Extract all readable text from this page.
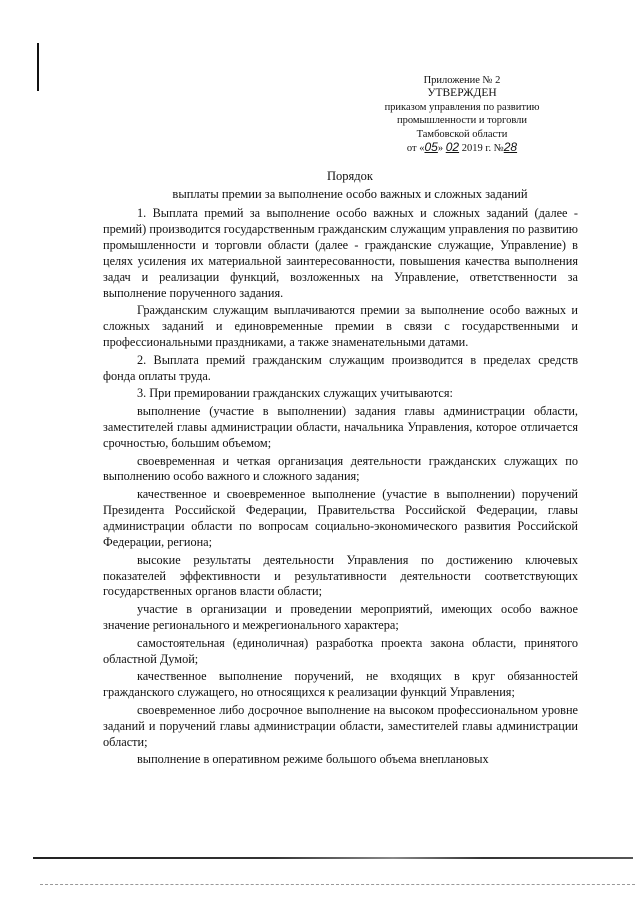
Приложение № 2
УТВЕРЖДЕН
приказом управления по развитию
промышленности и торговли
Тамбовской области
от «05» 02 2019 г. №28
Порядок
выплаты премии за выполнение особо важных и сложных заданий

1. Выплата премий за выполнение особо важных и сложных заданий (далее - премий) производится государственным гражданским служащим управления по развитию промышленности и торговли области (далее - гражданские служащие, Управление) в целях усиления их материальной заинтересованности, повышения качества выполнения задач и реализации функций, возложенных на Управление, ответственности за выполнение порученного задания.

Гражданским служащим выплачиваются премии за выполнение особо важных и сложных заданий и единовременные премии в связи с государственными и профессиональными праздниками, а также знаменательными датами.

2. Выплата премий гражданским служащим производится в пределах средств фонда оплаты труда.

3. При премировании гражданских служащих учитываются:

выполнение (участие в выполнении) задания главы администрации области, заместителей главы администрации области, начальника Управления, которое отличается срочностью, большим объемом;

своевременная и четкая организация деятельности гражданских служащих по выполнению особо важного и сложного задания;

качественное и своевременное выполнение (участие в выполнении) поручений Президента Российской Федерации, Правительства Российской Федерации, главы администрации области по вопросам социально-экономического развития Российской Федерации, региона;

высокие результаты деятельности Управления по достижению ключевых показателей эффективности и результативности деятельности соответствующих государственных органов власти области;

участие в организации и проведении мероприятий, имеющих особо важное значение регионального и межрегионального характера;

самостоятельная (единоличная) разработка проекта закона области, принятого областной Думой;

качественное выполнение поручений, не входящих в круг обязанностей гражданского служащего, но относящихся к реализации функций Управления;

своевременное либо досрочное выполнение на высоком профессиональном уровне заданий и поручений главы администрации области, заместителей главы администрации области;

выполнение в оперативном режиме большого объема внеплановых
